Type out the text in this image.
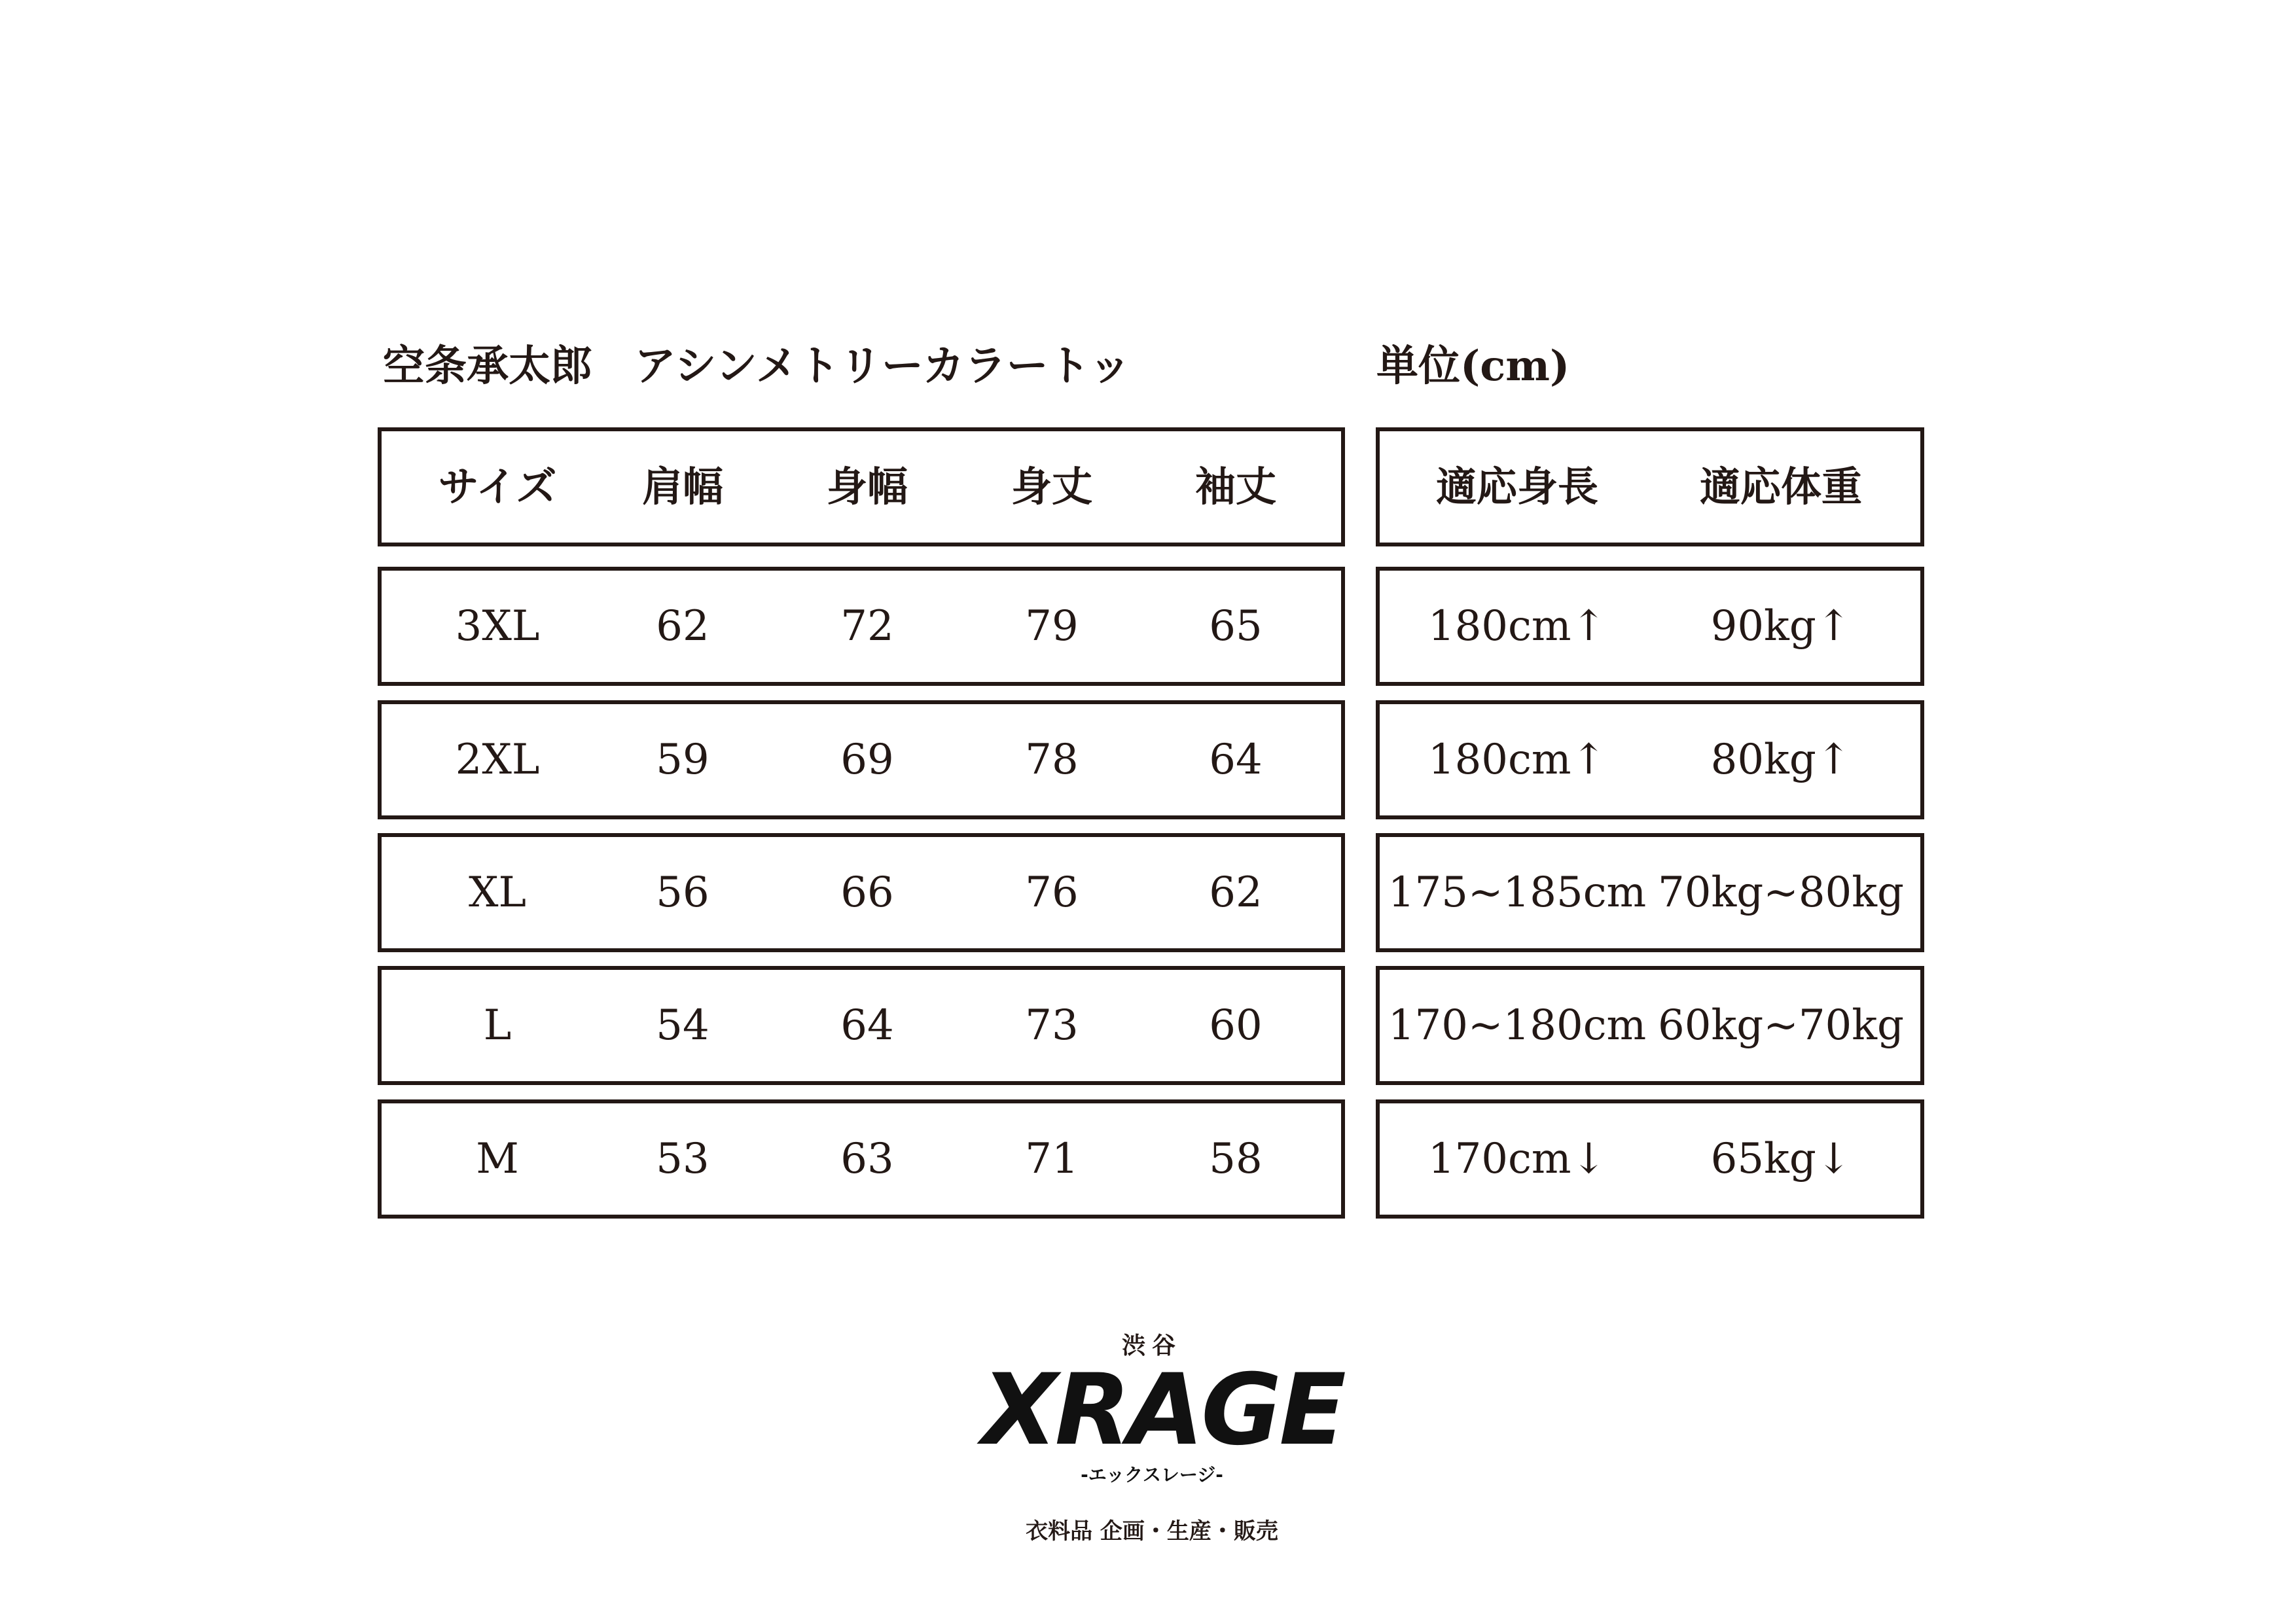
空条承太郎　アシンメトリーカラートッ	単位(cm)
サイズ	肩幅	身幅	身丈	袖丈
3XL	62	72	79	65
2XL	59	69	78	64
XL	56	66	76	62
L	54	64	73	60
M	53	63	71	58
適応身長	適応体重
180cm↑	90kg↑
180cm↑	80kg↑
175~185cm 70kg~80kg
170~180cm 60kg~70kg
170cm↓	65kg↓
渋谷
XRAGE
-エックスレージ-
衣料品 企画・生産・販売
